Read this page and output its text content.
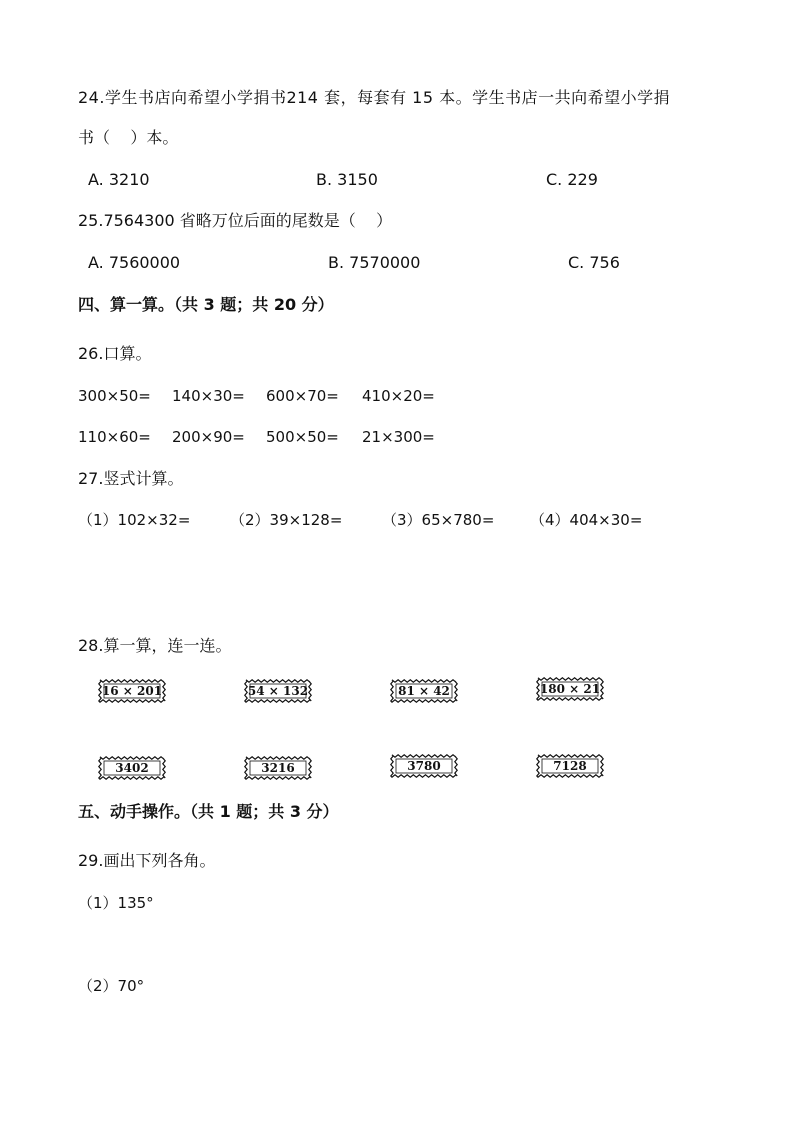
24.学生书店向希望小学捐书214 套，每套有 15 本。学生书店一共向希望小学捐
书（    ）本。
A. 3210	B. 3150	C. 229
25.7564300 省略万位后面的尾数是（    ）
A. 7560000	B. 7570000	C. 756
四、算一算。（共 3 题；共 20 分）
26.口算。
300×50= 140×30= 600×70= 410×20=
110×60= 200×90= 500×50= 21×300=
27.竖式计算。
（1）102×32=	（2）39×128=	（3）65×780= （4）404×30=
28.算一算，连一连。
16 × 201	54 × 132	81 × 42	180 × 21
3402	3216	3780	7128
五、动手操作。（共 1 题；共 3 分）
29.画出下列各角。
（1）135°
（2）70°
